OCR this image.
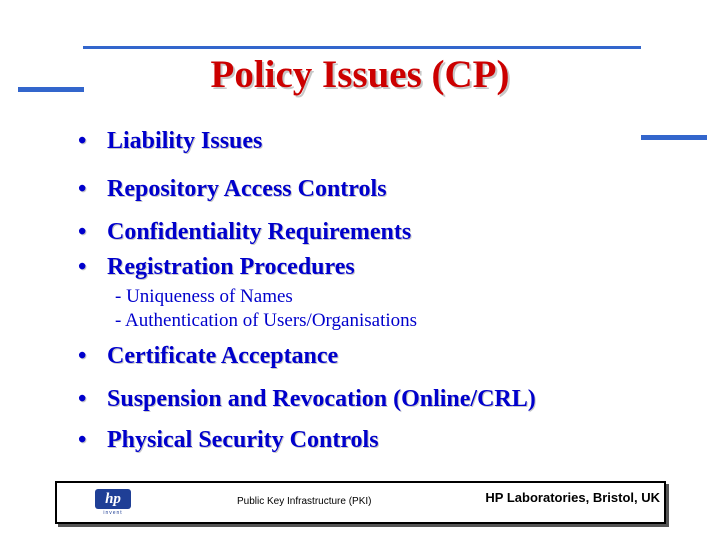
Policy Issues (CP)
• Liability Issues
• Repository Access Controls
• Confidentiality Requirements
• Registration Procedures
- Uniqueness of Names
- Authentication of Users/Organisations
• Certificate Acceptance
• Suspension and Revocation (Online/CRL)
• Physical Security Controls
hp
invent
Public Key Infrastructure (PKI)	HP Laboratories, Bristol, UK
